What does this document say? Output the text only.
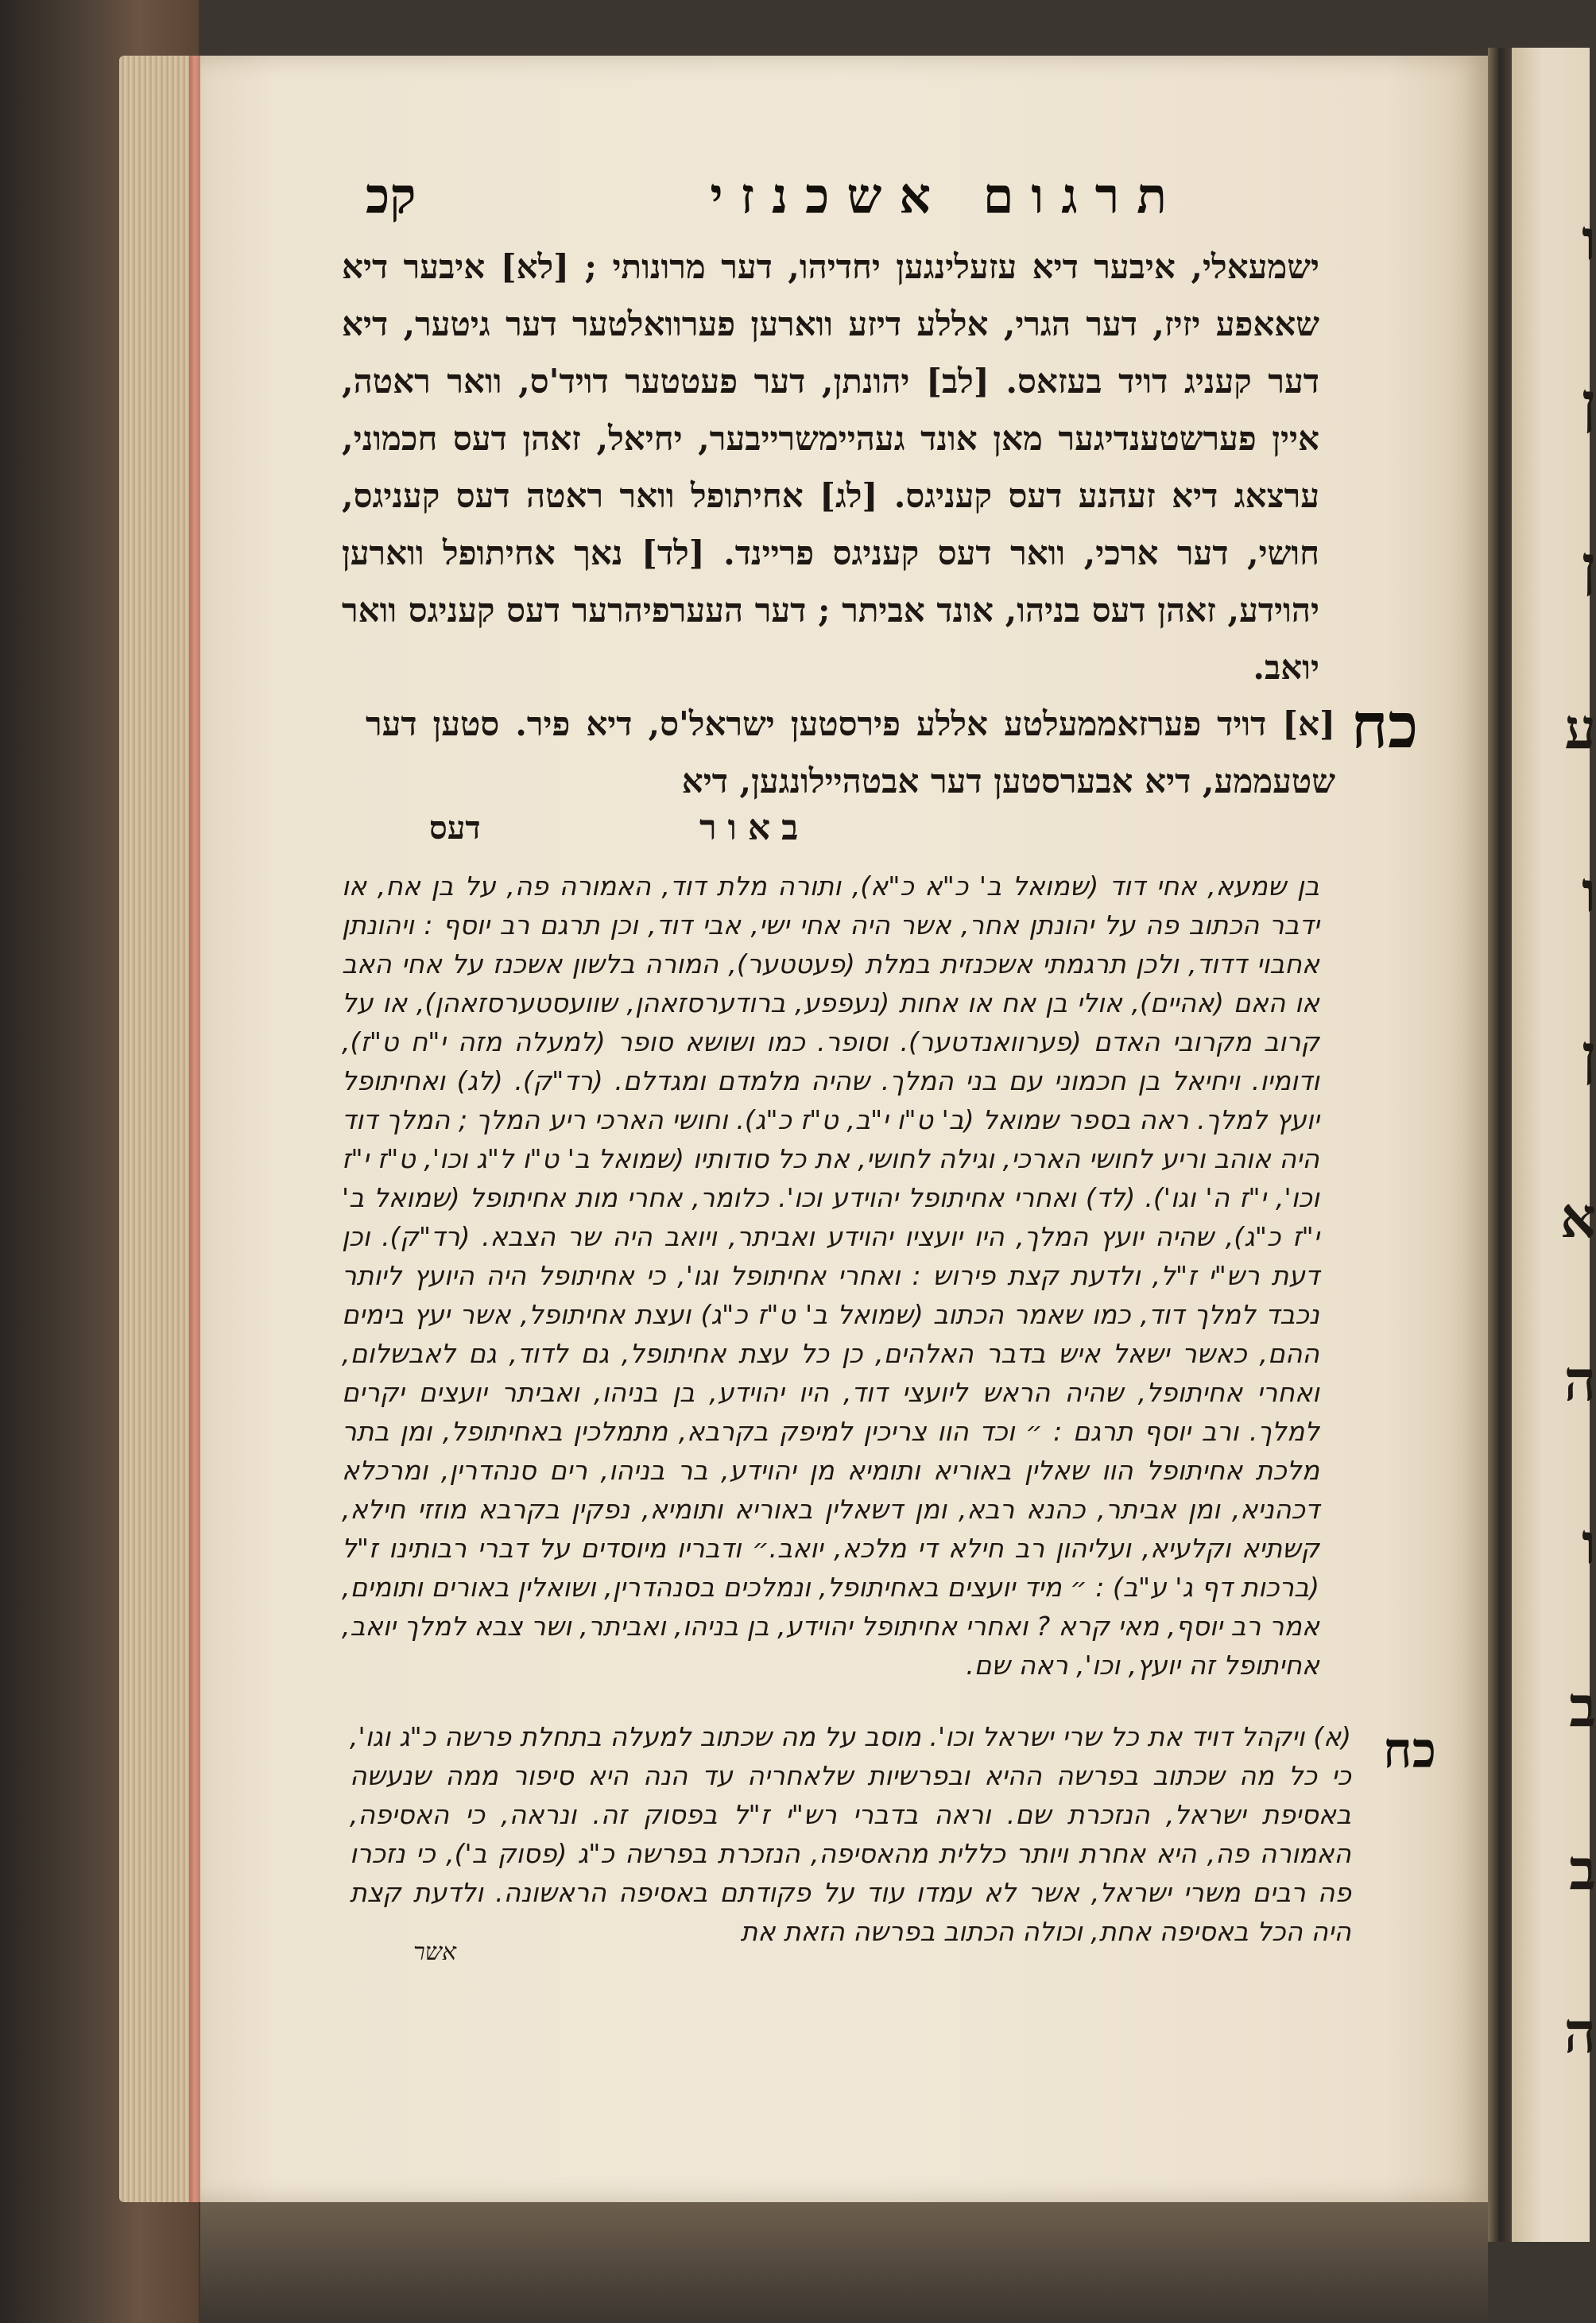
ו
ן
ן
ע
ו
ן
א
ה
ו
ב
ב
ה
תרגום אשכנזי
קכ
ישמעאלי, איבער דיא עזעלינגען יחדיהו, דער מרונותי ; [לא] איבער דיא שאאפע יזיז, דער הגרי, אללע דיזע ווארען פערוואלטער דער גיטער, דיא דער קעניג דויד בעזאס. [לב] יהונתן, דער פעטטער דויד'ס, וואר ראטה, איין פערשטענדיגער מאן אונד געהיימשרייבער, יחיאל, זאהן דעס חכמוני, ערצאג דיא זעהנע דעס קעניגס. [לג] אחיתופל וואר ראטה דעס קעניגס, חושי, דער ארכי, וואר דעס קעניגס פריינד. [לד] נאך אחיתופל ווארען יהוידע, זאהן דעס בניהו, אונד אביתר ; דער העערפיהרער דעס קעניגס וואר יואב.
כח
[א] דויד פערזאממעלטע אללע פירסטען ישראל'ס, דיא פיר. סטען דער שטעממע, דיא אבערסטען דער אבטהיילונגען, דיא
באור
דעס
בן שמעא, אחי דוד (שמואל ב' כ"א כ"א), ותורה מלת דוד, האמורה פה, על בן אח, או ידבר הכתוב פה על יהונתן אחר, אשר היה אחי ישי, אבי דוד, וכן תרגם רב יוסף : ויהונתן אחבוי דדוד, ולכן תרגמתי אשכנזית במלת (פעטטער), המורה בלשון אשכנז על אחי האב או האם (אהיים), אולי בן אח או אחות (נעפפע, ברודערסזאהן, שוועסטערסזאהן), או על קרוב מקרובי האדם (פערוואנדטער). וסופר. כמו ושושא סופר (למעלה מזה י"ח ט"ז), ודומיו. ויחיאל בן חכמוני עם בני המלך. שהיה מלמדם ומגדלם. (רד"ק). (לג) ואחיתופל יועץ למלך. ראה בספר שמואל (ב' ט"ו י"ב, ט"ז כ"ג). וחושי הארכי ריע המלך ; המלך דוד היה אוהב וריע לחושי הארכי, וגילה לחושי, את כל סודותיו (שמואל ב' ט"ו ל"ג וכו', ט"ז י"ז וכו', י"ז ה' וגו'). (לד) ואחרי אחיתופל יהוידע וכו'. כלומר, אחרי מות אחיתופל (שמואל ב' י"ז כ"ג), שהיה יועץ המלך, היו יועציו יהוידע ואביתר, ויואב היה שר הצבא. (רד"ק). וכן דעת רש"י ז"ל, ולדעת קצת פירוש : ואחרי אחיתופל וגו', כי אחיתופל היה היועץ ליותר נכבד למלך דוד, כמו שאמר הכתוב (שמואל ב' ט"ז כ"ג) ועצת אחיתופל, אשר יעץ בימים ההם, כאשר ישאל איש בדבר האלהים, כן כל עצת אחיתופל, גם לדוד, גם לאבשלום, ואחרי אחיתופל, שהיה הראש ליועצי דוד, היו יהוידע, בן בניהו, ואביתר יועצים יקרים למלך. ורב יוסף תרגם : ״ וכד הוו צריכין למיפק בקרבא, מתמלכין באחיתופל, ומן בתר מלכת אחיתופל הוו שאלין באוריא ותומיא מן יהוידע, בר בניהו, רים סנהדרין, ומרכלא דכהניא, ומן אביתר, כהנא רבא, ומן דשאלין באוריא ותומיא, נפקין בקרבא מוזזי חילא, קשתיא וקלעיא, ועליהון רב חילא די מלכא, יואב.״ ודבריו מיוסדים על דברי רבותינו ז"ל (ברכות דף ג' ע"ב) : ״ מיד יועצים באחיתופל, ונמלכים בסנהדרין, ושואלין באורים ותומים, אמר רב יוסף, מאי קרא ? ואחרי אחיתופל יהוידע, בן בניהו, ואביתר, ושר צבא למלך יואב, אחיתופל זה יועץ, וכו', ראה שם.
כח
(א) ויקהל דויד את כל שרי ישראל וכו'. מוסב על מה שכתוב למעלה בתחלת פרשה כ"ג וגו', כי כל מה שכתוב בפרשה ההיא ובפרשיות שלאחריה עד הנה היא סיפור ממה שנעשה באסיפת ישראל, הנזכרת שם. וראה בדברי רש"י ז"ל בפסוק זה. ונראה, כי האסיפה, האמורה פה, היא אחרת ויותר כללית מהאסיפה, הנזכרת בפרשה כ"ג (פסוק ב'), כי נזכרו פה רבים משרי ישראל, אשר לא עמדו עוד על פקודתם באסיפה הראשונה. ולדעת קצת היה הכל באסיפה אחת, וכולה הכתוב בפרשה הזאת את
אשר
